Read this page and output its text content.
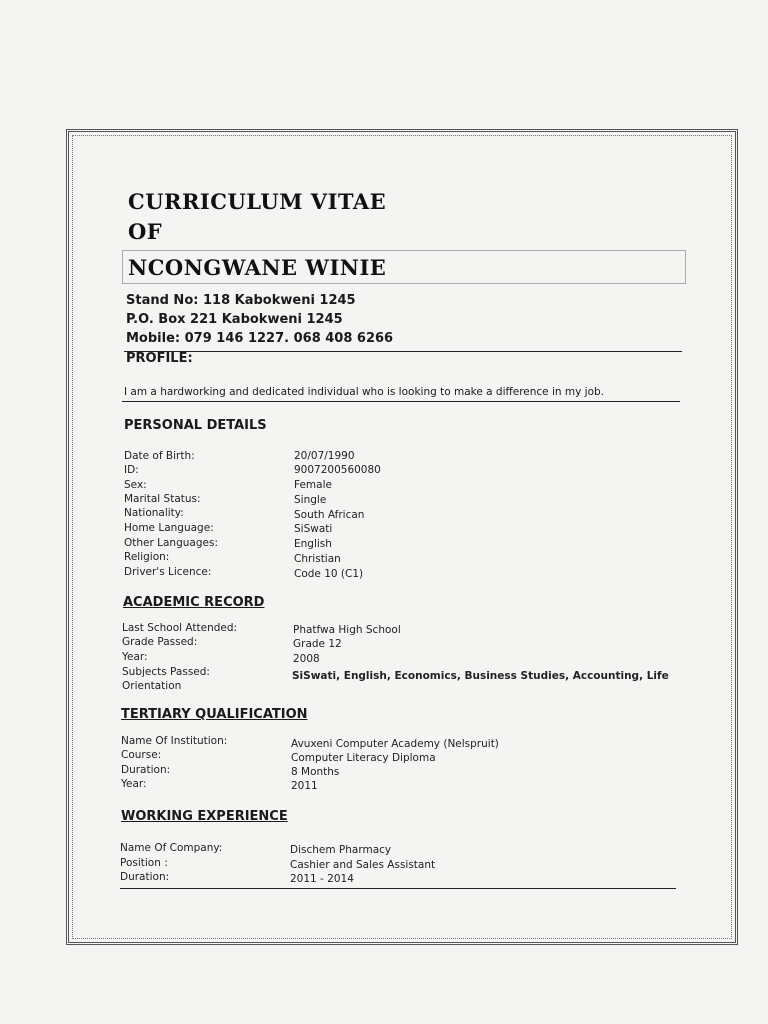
CURRICULUM VITAE
OF
NCONGWANE WINIE
Stand No: 118 Kabokweni 1245
P.O. Box 221 Kabokweni 1245
Mobile: 079 146 1227. 068 408 6266
PROFILE:
I am a hardworking and dedicated individual who is looking to make a difference in my job.
PERSONAL DETAILS
Date of Birth:	20/07/1990
ID:	9007200560080
Sex:	Female
Marital Status:	Single
Nationality:	South African
Home Language:	SiSwati
Other Languages:	English
Religion:	Christian
Driver's Licence:	Code 10 (C1)
ACADEMIC RECORD
Last School Attended:	Phatfwa High School
Grade Passed:	Grade 12
Year:	2008
Subjects Passed:	SiSwati, English, Economics, Business Studies, Accounting, Life
Orientation
TERTIARY QUALIFICATION
Name Of Institution:	Avuxeni Computer Academy (Nelspruit)
Course:	Computer Literacy Diploma
Duration:	8 Months
Year:	2011
WORKING EXPERIENCE
Name Of Company:	Dischem Pharmacy
Position :	Cashier and Sales Assistant
Duration:	2011 - 2014
